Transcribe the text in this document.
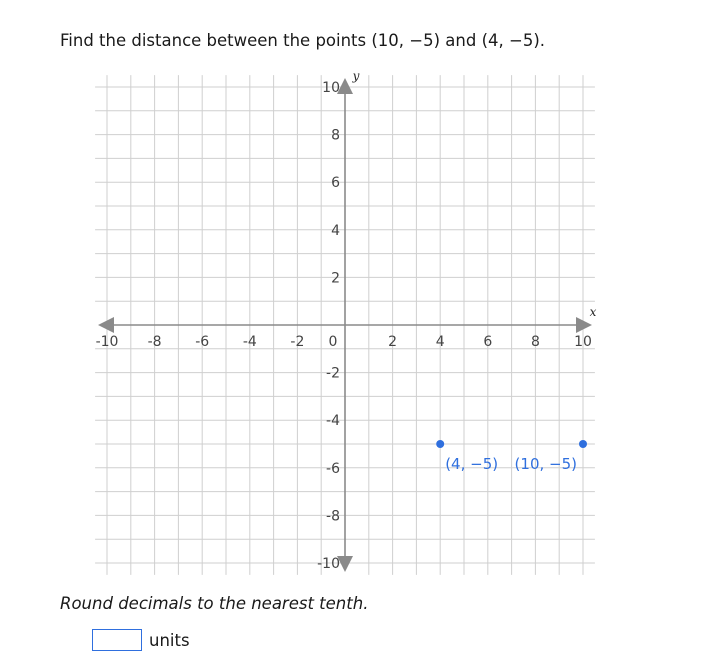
Find the distance between the points (10, −5) and (4, −5).
x
y
-10 -8 -6 -4 -2 0	2	4	6	8 10
10
8
6
4
2
-2
-4
-6
-8
-10
(4, −5) (10, −5)
Round decimals to the nearest tenth.
units
